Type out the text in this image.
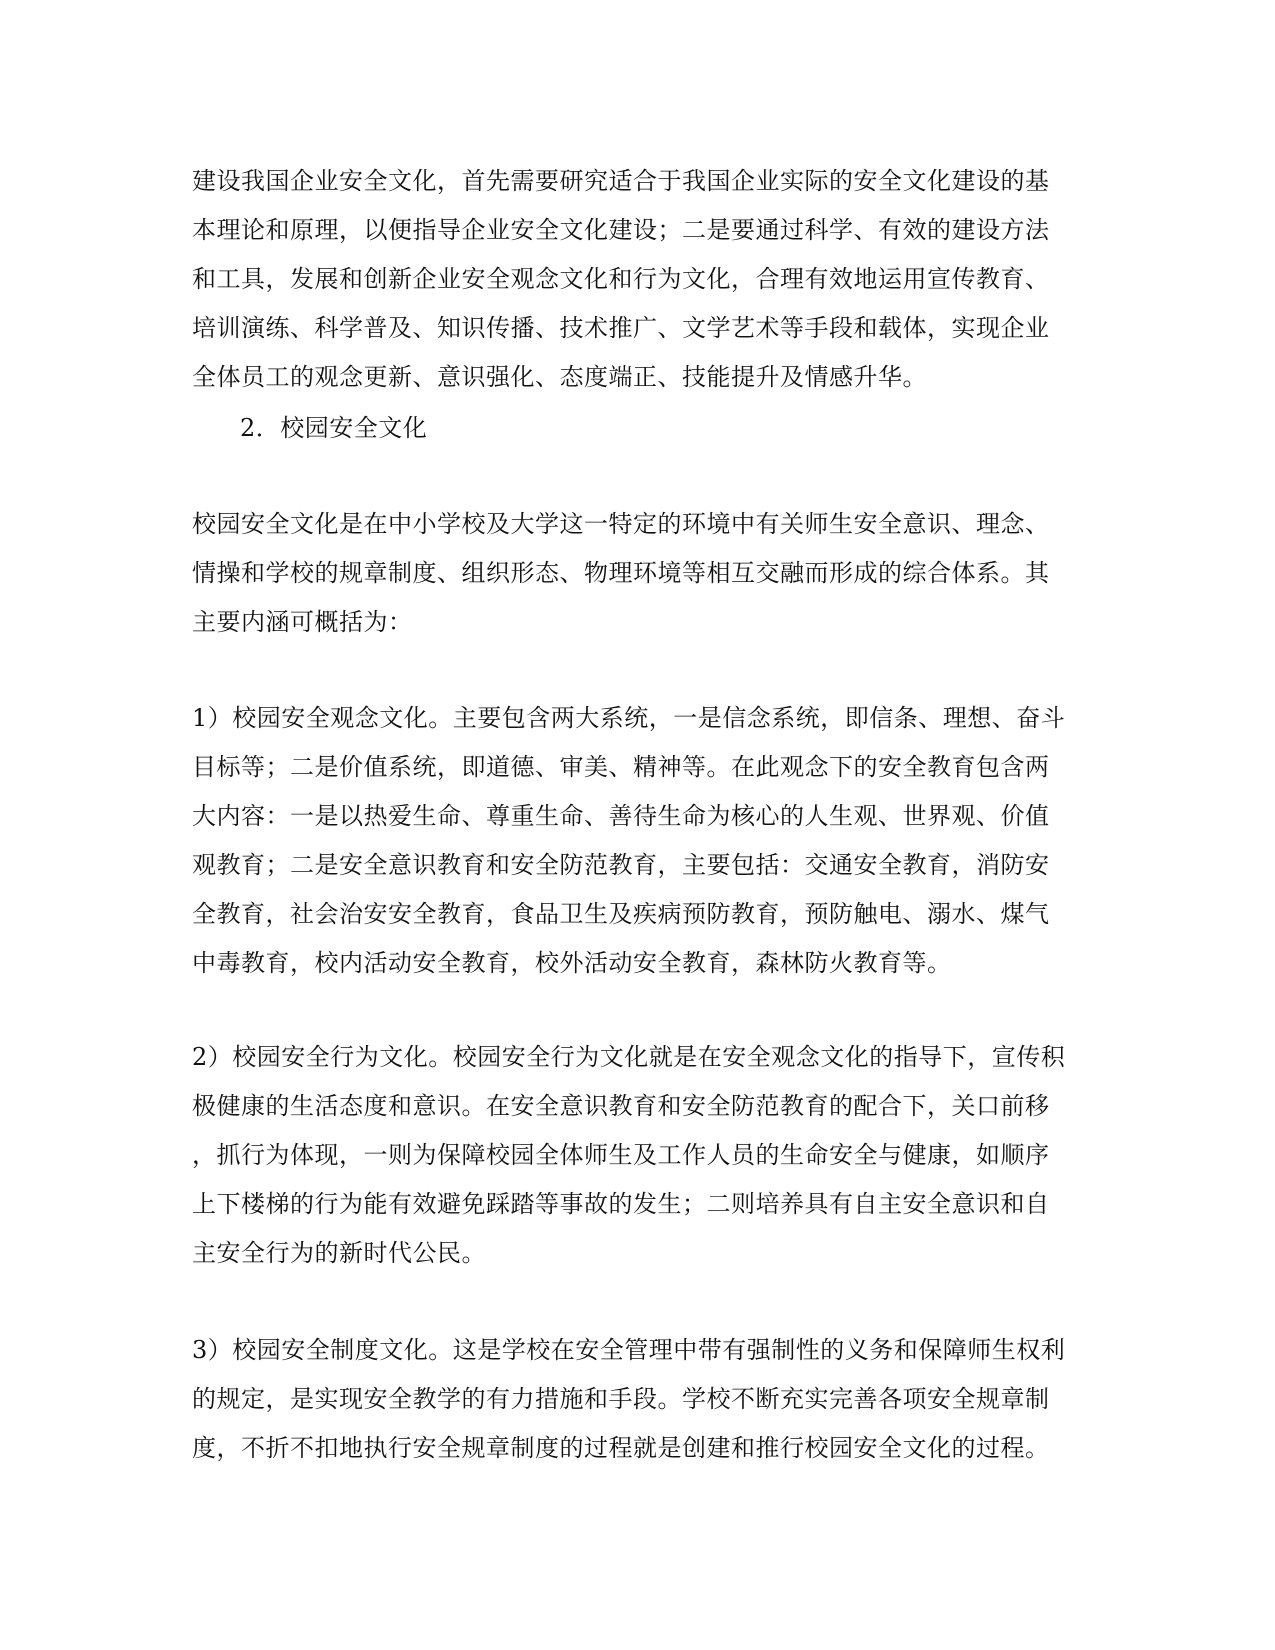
建设我国企业安全文化，首先需要研究适合于我国企业实际的安全文化建设的基
本理论和原理，以便指导企业安全文化建设；二是要通过科学、有效的建设方法
和工具，发展和创新企业安全观念文化和行为文化，合理有效地运用宣传教育、
培训演练、科学普及、知识传播、技术推广、文学艺术等手段和载体，实现企业
全体员工的观念更新、意识强化、态度端正、技能提升及情感升华。
2．校园安全文化
校园安全文化是在中小学校及大学这一特定的环境中有关师生安全意识、理念、
情操和学校的规章制度、组织形态、物理环境等相互交融而形成的综合体系。其
主要内涵可概括为：
1）校园安全观念文化。主要包含两大系统，一是信念系统，即信条、理想、奋斗
目标等；二是价值系统，即道德、审美、精神等。在此观念下的安全教育包含两
大内容：一是以热爱生命、尊重生命、善待生命为核心的人生观、世界观、价值
观教育；二是安全意识教育和安全防范教育，主要包括：交通安全教育，消防安
全教育，社会治安安全教育，食品卫生及疾病预防教育，预防触电、溺水、煤气
中毒教育，校内活动安全教育，校外活动安全教育，森林防火教育等。
2）校园安全行为文化。校园安全行为文化就是在安全观念文化的指导下，宣传积
极健康的生活态度和意识。在安全意识教育和安全防范教育的配合下，关口前移
，抓行为体现，一则为保障校园全体师生及工作人员的生命安全与健康，如顺序
上下楼梯的行为能有效避免踩踏等事故的发生；二则培养具有自主安全意识和自
主安全行为的新时代公民。
3）校园安全制度文化。这是学校在安全管理中带有强制性的义务和保障师生权利
的规定，是实现安全教学的有力措施和手段。学校不断充实完善各项安全规章制
度，不折不扣地执行安全规章制度的过程就是创建和推行校园安全文化的过程。
